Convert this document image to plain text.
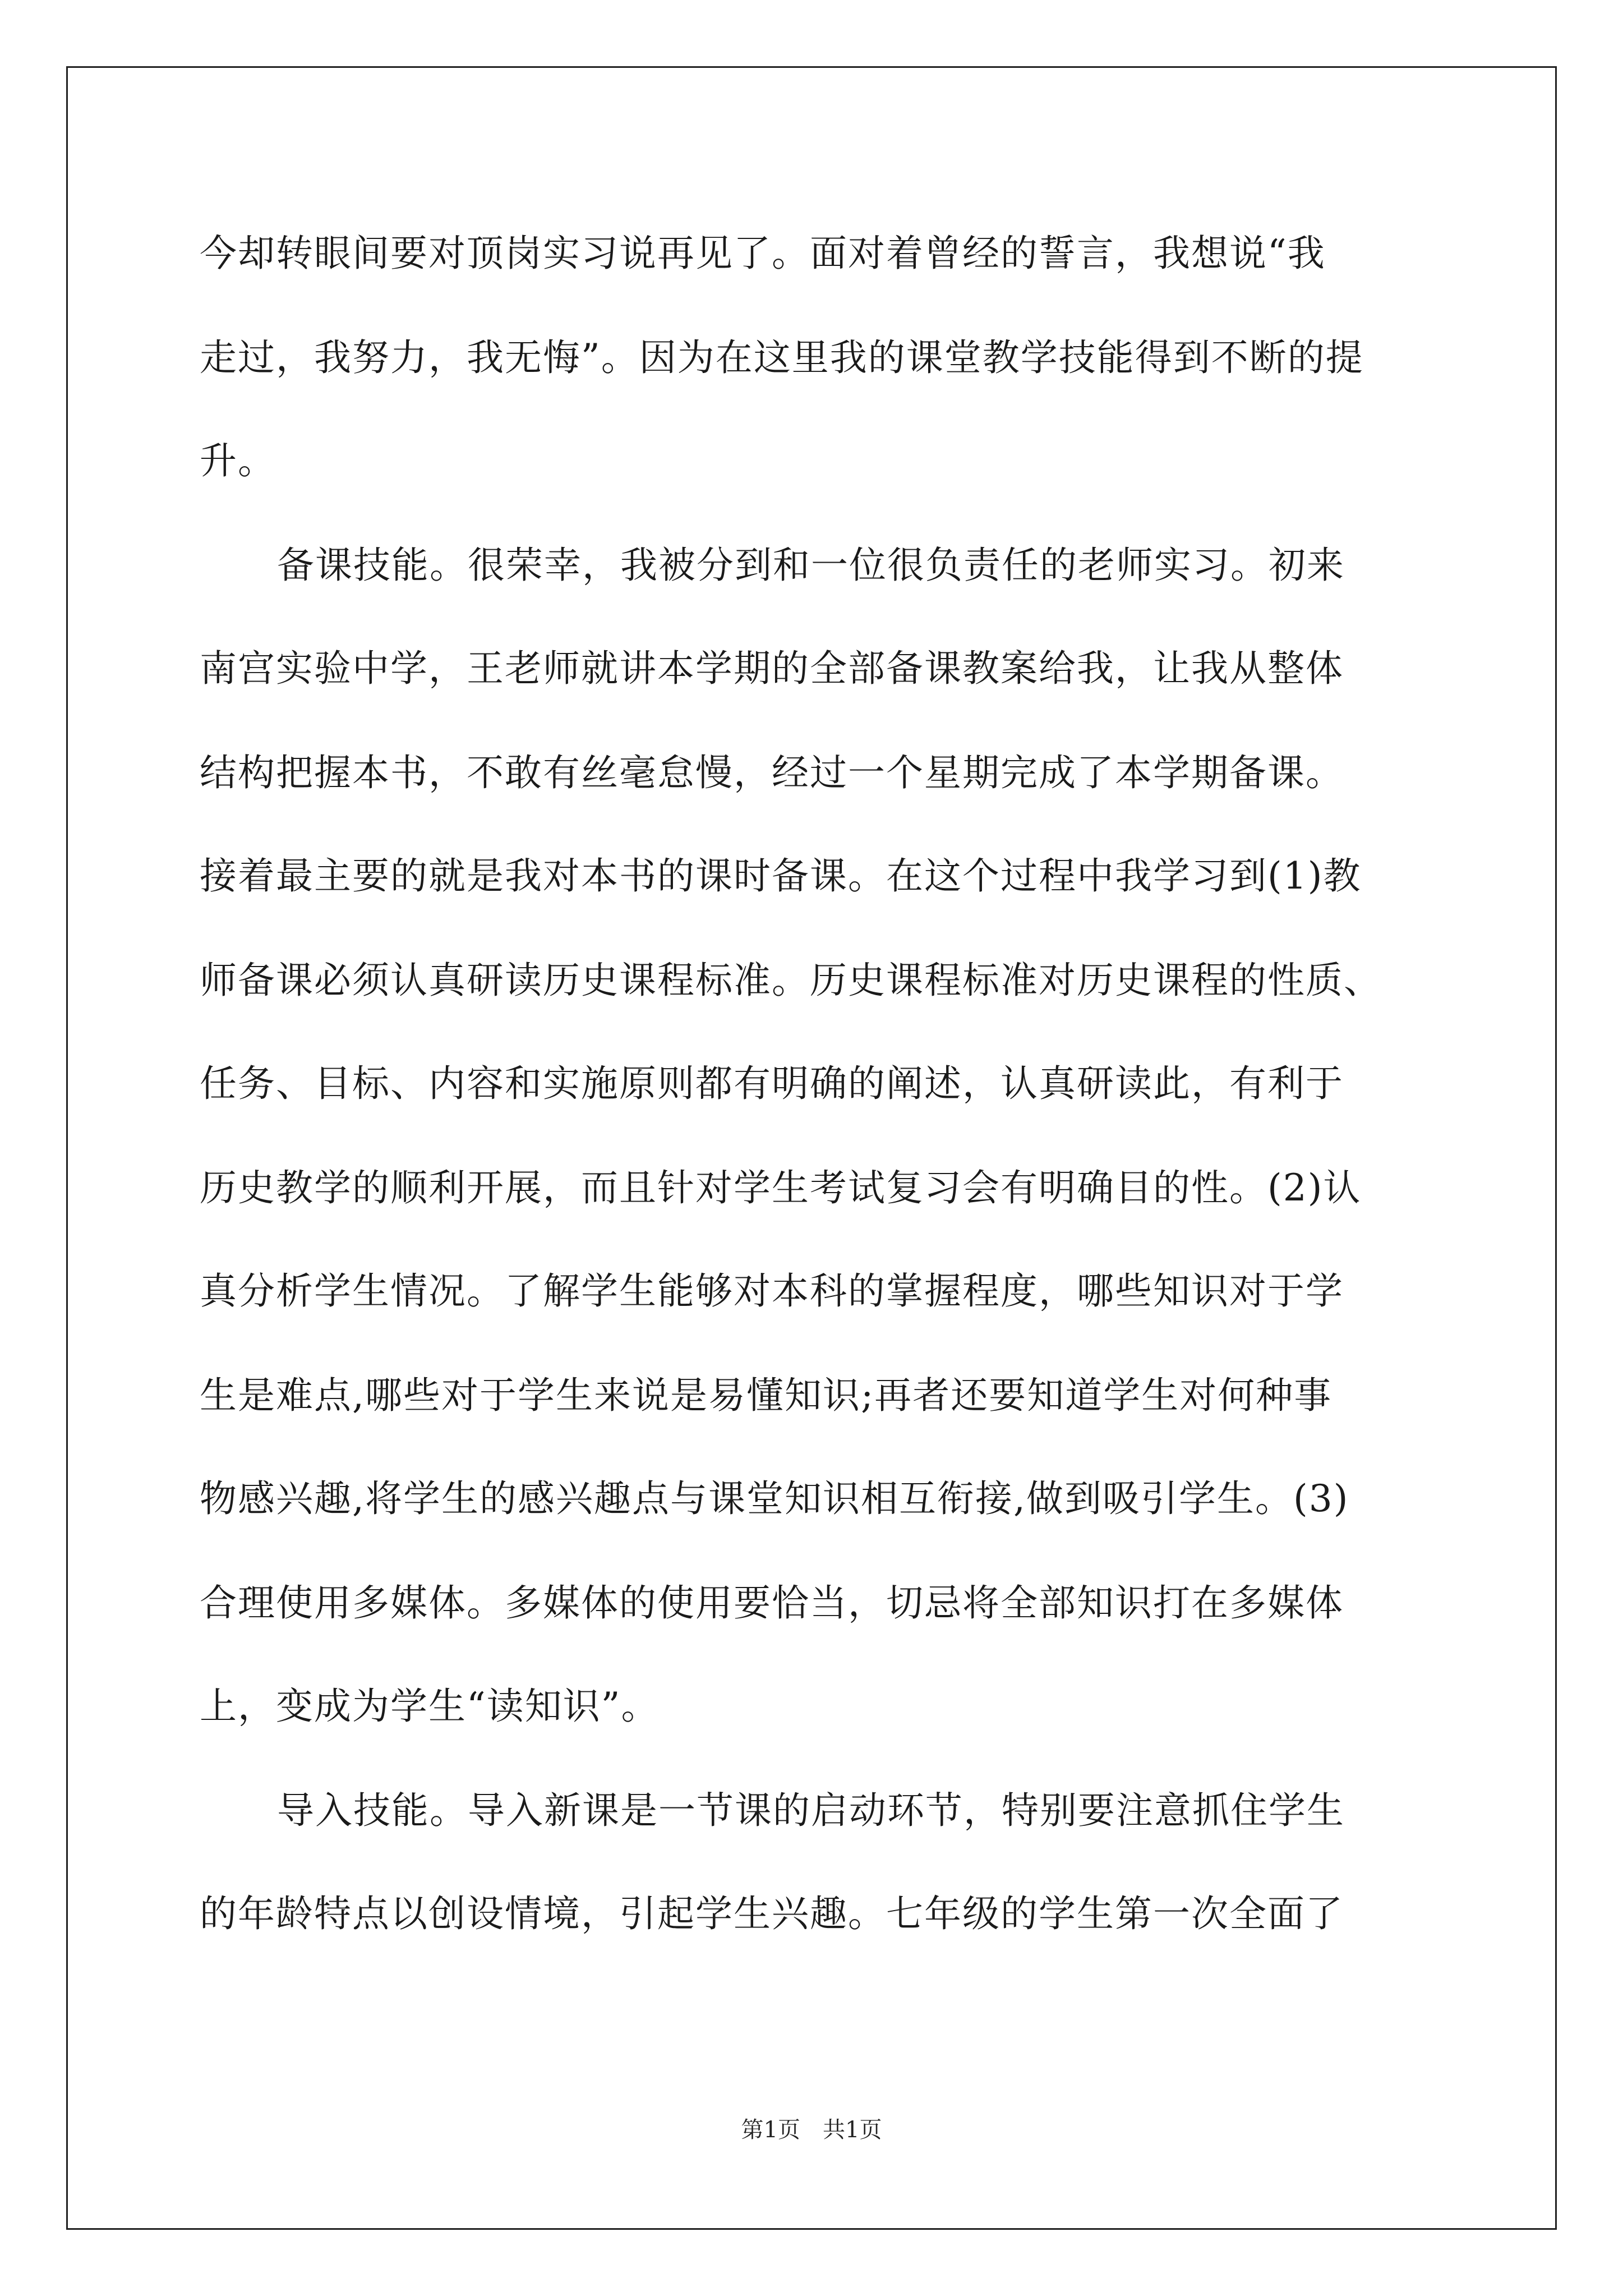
今却转眼间要对顶岗实习说再见了。面对着曾经的誓言，我想说“我
走过，我努力，我无悔”。因为在这里我的课堂教学技能得到不断的提
升。
备课技能。很荣幸，我被分到和一位很负责任的老师实习。初来
南宫实验中学，王老师就讲本学期的全部备课教案给我，让我从整体
结构把握本书，不敢有丝毫怠慢，经过一个星期完成了本学期备课。
接着最主要的就是我对本书的课时备课。在这个过程中我学习到(1)教
师备课必须认真研读历史课程标准。历史课程标准对历史课程的性质、
任务、目标、内容和实施原则都有明确的阐述，认真研读此，有利于
历史教学的顺利开展，而且针对学生考试复习会有明确目的性。(2)认
真分析学生情况。了解学生能够对本科的掌握程度，哪些知识对于学
生是难点,哪些对于学生来说是易懂知识;再者还要知道学生对何种事
物感兴趣,将学生的感兴趣点与课堂知识相互衔接,做到吸引学生。(3)
合理使用多媒体。多媒体的使用要恰当，切忌将全部知识打在多媒体
上，变成为学生“读知识”。
导入技能。导入新课是一节课的启动环节，特别要注意抓住学生
的年龄特点以创设情境，引起学生兴趣。七年级的学生第一次全面了
第1页　共1页
